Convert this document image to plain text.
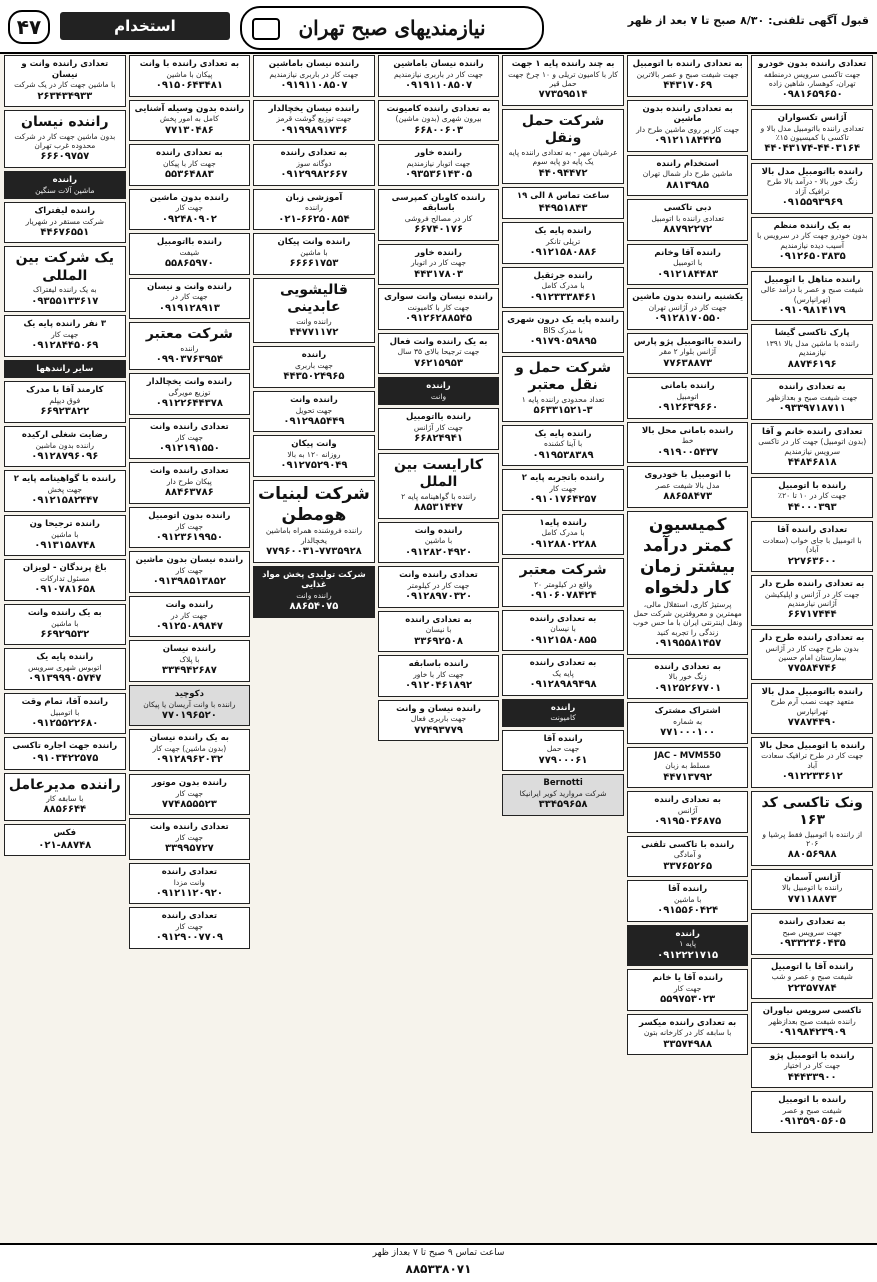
۴۷	استخدام	نیازمندیهای صبح تهران	قبول آگهی تلفنی: ۸/۳۰ صبح تا ۷ بعد از ظهر
تعدادی راننده بدون خودرو
جهت تاکسی سرویس درمنطقه تهران، کوهسار، شاهین زاده
۰۹۸۱۶۵۹۶۵۰
آژانس تکسواران
تعدادی راننده بااتومبیل مدل بالا و تاکسی با کمیسیون ۱۵٪
۴۴۰۴۳۱۷۴-۴۴۰۳۱۶۴
راننده بااتومبیل مدل بالا
زنگ خور بالا - درآمد بالا طرح ترافیک آزاد
۰۹۱۵۵۹۳۹۶۹
به یک راننده منظم
بدون خودرو جهت کار در سرویس با آسیب دیده نیازمندیم
۰۹۱۲۶۵۰۳۸۳۵
راننده متاهل با اتومبیل
شیفت صبح و عصر با درآمد عالی (تهرانپارس)
۰۹۱۰۹۸۱۴۱۷۹
پارک تاکسی گیشا
راننده با ماشین مدل بالا ۱۳۹۱ نیازمندیم
۸۸۷۴۶۱۹۶
به تعدادی راننده
جهت شیفت صبح و بعدازظهر
۰۹۳۳۹۷۱۸۷۱۱
تعدادی راننده خانم و آقا
(بدون اتومبیل) جهت کار در تاکسی سرویس نیازمندیم
۴۴۸۴۶۸۱۸
راننده با اتومبیل
جهت کار در ۱۰ تا ۲۰٪
۴۴۰۰۰۳۹۳
تعدادی راننده آقا
با اتومبیل با جای خواب (سعادت آباد)
۲۲۷۶۳۶۰۰
به تعدادی راننده طرح دار
جهت کار در آژانس و اپلیکیشن آژانس نیازمندیم
۶۶۷۱۷۴۴۴
به تعدادی راننده طرح دار
بدون طرح جهت کار در آژانس بیمارستان امام حسین
۷۷۵۸۴۷۴۶
راننده بااتومبیل مدل بالا
متعهد جهت نصب آرم طرح تهرانپارس
۷۷۸۷۴۴۹۰
راننده با اتومبیل محل بالا
جهت کار در طرح ترافیک سعادت آباد
۰۹۱۲۲۳۳۶۱۲
ونک تاکسی کد ۱۶۳
از راننده با اتومبیل فقط پرشیا و ۲۰۶
۸۸۰۵۶۹۸۸
آژانس آسمان
راننده با اتومبیل بالا
۷۷۱۱۸۸۷۳
به تعدادی راننده
جهت سرویس صبح
۰۹۳۳۲۳۶۰۴۳۵
راننده آقا با اتومبیل
شیفت صبح و عصر و شب
۲۲۳۵۷۷۸۴
تاکسی سرویس نیاوران
راننده شیفت صبح بعدازظهر
۰۹۱۹۸۴۲۳۹۰۹
راننده با اتومبیل پژو
جهت کار در اختیار
۴۴۴۳۳۹۰۰
راننده با اتومبیل
شیفت صبح و عصر
۰۹۱۳۵۹۰۵۶۰۵
به تعدادی راننده با اتومبیل
جهت شیفت صبح و عصر بالاترین
۴۴۳۱۷۰۶۹
به تعدادی راننده بدون ماشین
جهت کار بر روی ماشین طرح دار
۰۹۱۲۱۱۸۴۴۲۵
استخدام راننده
ماشین طرح دار شمال تهران
۸۸۱۳۹۸۵
دبی تاکسی
تعدادی راننده با اتومبیل
۸۸۷۹۲۲۷۲
راننده آقا وخانم
با اتومبیل
۰۹۱۲۱۸۴۴۸۳
یکشنبه راننده بدون ماشین
جهت کار در آژانس تهران
۰۹۱۲۸۱۷۰۵۵۰
راننده بااتومبیل پژو پارس
آژانس بلوار ۲ مقر
۷۷۶۳۸۸۷۳
راننده بامانی
اتومبیل
۰۹۱۲۶۳۹۶۶۰
راننده بامانی محل بالا
خط
۰۹۱۹۰۰۵۴۳۷
با اتومبیل با خودروی
مدل بالا شیفت عصر
۸۸۶۵۸۴۷۳
کمیسیون کمتر درآمد بیشتر زمان کار دلخواه
پرستیژ کاری، استقلال مالی، مهمترین و معروفترین شرکت حمل ونقل اینترنتی ایران با ما حس خوب زندگی را تجربه کنید
۰۹۱۹۵۵۸۱۴۵۷
به تعدادی راننده
زنگ خور بالا
۰۹۱۲۵۲۶۷۷۰۱
اشتراک مشترک
به شماره
۷۷۱۰۰۰۱۰۰
JAC - MVM550
مسلط به زبان
۴۴۷۱۳۷۹۲
به تعدادی راننده
آژانس
۰۹۱۹۵۰۳۶۸۷۵
راننده با تاکسی تلفنی
و آمادگی
۳۳۷۶۵۲۶۵
راننده آقا
با ماشین
۰۹۱۵۵۶۰۴۲۴
راننده
پایه ۱
۰۹۱۲۲۲۱۷۱۵
راننده آقا یا خانم
جهت کار
۵۵۹۷۵۳۰۲۳
به تعدادی راننده میکسر
با سابقه کار در کارخانه بتون
۳۳۵۷۴۹۸۸
به چند راننده پایه ۱ جهت
کار با کامیون تریلی و ۱۰ چرخ جهت حمل قیر
۷۷۳۵۹۵۱۴
شرکت حمل ونقل
عرشیان مهر - به تعدادی راننده پایه یک پایه دو پایه سوم
۴۴۰۹۴۴۷۲
ساعت تماس ۸ الی ۱۹
۴۴۹۵۱۸۴۳
راننده پایه یک
تریلی تانکر
۰۹۱۲۱۵۸۰۸۸۶
راننده جرثقیل
با مدرک کامل
۰۹۱۲۳۳۳۸۴۶۱
راننده پایه یک درون شهری
با مدرک BIS
۰۹۱۷۹۰۵۹۸۹۵
شرکت حمل و نقل معتبر
تعداد محدودی راننده پایه ۱
۵۶۳۳۱۵۲۱-۳
راننده پایه یک
با آینا کشنده
۰۹۱۹۵۳۸۳۸۹
راننده باتجربه پایه ۲
جهت کار
۰۹۱۰۱۷۶۴۲۵۷
راننده پایه۱
با مدرک کامل
۰۹۱۲۸۸۰۲۲۸۸
شرکت معتبر
واقع در کیلومتر ۲۰
۰۹۱۰۶۰۷۸۴۲۴
به تعدادی راننده
با نیسان
۰۹۱۲۱۵۸۰۸۵۵
به تعدادی راننده
پایه یک
۰۹۱۲۸۹۸۹۴۹۸
راننده
کامیونت
راننده آقا
جهت حمل
۷۷۹۰۰۰۶۱
Bernotti
شرکت مروارید کویر ایرانیکا
۳۳۴۵۹۶۵۸
راننده نیسان باماشین
جهت کار در باربری نیازمندیم
۰۹۱۹۱۱۰۸۵۰۷
به تعدادی راننده کامیونت
بیرون شهری (بدون ماشین)
۶۶۸۰۰۶۰۳
راننده خاور
جهت اتوبار نیازمندیم
۰۹۳۵۳۶۱۴۳۰۵
راننده کاوبان کمپرسی باسابقه
کار در مصالح فروشی
۶۶۷۴۰۱۷۶
راننده خاور
جهت کار در اتوبار
۴۴۳۱۷۸۰۳
راننده نیسان وانت سواری
جهت کار با کامیونت
۰۹۱۲۶۲۸۸۵۴۵
به یک راننده وانت فعال
جهت ترجیحا بالای ۳۵ سال
۷۶۲۱۵۹۵۳
راننده
وانت
راننده بااتومبیل
جهت کار آژانس
۶۶۸۲۴۹۴۱
کارایست بین الملل
راننده با گواهینامه پایه ۲
۸۸۵۳۱۴۴۷
راننده وانت
با ماشین
۰۹۱۲۸۲۰۴۹۲۰
تعدادی راننده وانت
جهت کار در کیلومتر
۰۹۱۲۸۹۷۰۳۲۰
به تعدادی راننده
با نیسان
۳۳۶۹۲۵۰۸
راننده باسابقه
جهت کار با خاور
۰۹۱۲۰۴۶۱۸۹۲
راننده نیسان و وانت
جهت باربری فعال
۷۷۴۹۳۷۷۹
راننده نیسان باماشین
جهت کار در باربری نیازمندیم
۰۹۱۹۱۱۰۸۵۰۷
راننده نیسان یخچالدار
جهت توزیع گوشت قرمز
۰۹۱۹۹۸۹۱۷۳۶
به تعدادی راننده
دوگانه سوز
۰۹۱۲۹۹۸۲۶۶۷
آموزشی زبان
راننده
۰۲۱-۶۶۲۵۰۸۵۴
راننده وانت پیکان
با ماشین
۶۶۶۶۱۷۵۳
قالیشویی عابدینی
راننده وانت
۴۴۷۷۱۱۷۲
راننده
جهت باربری
۴۴۳۵۰۲۴۹۶۵
راننده وانت
جهت تحویل
۰۹۱۲۹۸۵۴۴۹
وانت پیکان
روزانه ۱۲۰ به بالا
۰۹۱۲۷۵۲۹۰۴۹
شرکت لبنیات هومطن
راننده فروشنده همراه باماشین یخچالدار
۷۷۹۶۰۰۳۱-۷۷۳۵۹۲۸
شرکت تولیدی پخش مواد غذایی
راننده وانت
۸۸۶۵۴۰۷۵
به تعدادی راننده با وانت
پیکان با ماشین
۰۹۱۵۰۶۴۳۴۸۱
راننده بدون وسیله آشنایی
کامل به امور پخش
۷۷۱۳۰۴۸۶
به تعدادی راننده
جهت کار با پیکان
۵۵۳۶۴۸۸۳
راننده بدون ماشین
جهت کار
۰۹۲۴۸۰۹۰۲
راننده بااتومبیل
شیفت
۵۵۸۶۵۹۷۰
راننده وانت و نیسان
جهت کار در
۰۹۱۹۱۲۸۹۱۳
شرکت معتبر
راننده
۰۹۹۰۳۷۶۳۹۵۴
راننده وانت یخچالدار
توزیع مویرگی
۰۹۱۲۲۶۴۴۳۷۸
تعدادی راننده وانت
جهت کار
۰۹۱۲۱۹۱۵۵۰
تعدادی راننده وانت
پیکان طرح دار
۸۸۴۶۳۷۸۶
راننده بدون اتومبیل
جهت کار
۰۹۱۲۳۶۱۹۹۵۰
راننده نیسان بدون ماشین
جهت کار
۰۹۱۳۹۸۵۱۳۸۵۲
راننده وانت
جهت کار در
۰۹۱۲۵۰۸۹۸۴۷
راننده نیسان
با پلاک
۳۳۴۹۴۲۶۸۷
دکوچید
راننده با وانت آریسان یا پیکان
۷۷۰۱۹۶۵۲۰
به یک راننده نیسان
(بدون ماشین) جهت کار
۰۹۱۲۸۹۶۲۰۳۲
راننده بدون موتور
جهت کار
۷۷۴۸۵۵۵۲۳
تعدادی راننده وانت
جهت کار
۳۳۹۹۵۷۲۷
تعدادی راننده
وانت مزدا
۰۹۱۲۱۱۲۰۹۲۰
تعدادی راننده
جهت کار
۰۹۱۲۹۰۰۷۷۰۹
تعدادی راننده وانت و نیسان
با ماشین جهت کار در یک شرکت
۲۶۳۴۳۴۹۳۳
راننده نیسان
بدون ماشین جهت کار در شرکت محدوده غرب تهران
۶۶۶۰۹۷۵۷
راننده
ماشین آلات سنگین
راننده لیفتراک
شرکت مستقر در شهریار
۴۴۶۷۶۵۵۱
یک شرکت بین المللی
به یک راننده لیفتراک
۰۹۳۵۵۱۳۳۶۱۷
۳ نفر راننده پایه یک
جهت کار
۰۹۱۲۸۴۴۵۰۶۹
سایر رانندهها
کارمند آقا با مدرک
فوق دیپلم
۶۶۹۲۳۸۲۲
رضایت شغلی ارکیده
راننده بدون ماشین
۰۹۱۲۸۷۹۶۰۹۶
راننده با گواهینامه پایه ۲
جهت پخش
۰۹۱۲۱۵۸۲۴۴۷
راننده ترجیحا ون
با ماشین
۰۹۱۳۱۵۸۷۴۸
باغ پرندگان - لویزان
مسئول تدارکات
۰۹۱۰۷۸۱۶۵۸
به یک راننده وانت
با ماشین
۶۶۹۲۹۵۳۲
راننده پایه یک
اتوبوس شهری سرویس
۰۹۱۳۹۹۹۰۵۷۴۷
راننده آقا، تمام وقت
با اتومبیل
۰۹۱۲۵۵۲۲۶۸۰
راننده جهت اجاره تاکسی
۰۹۱۰۳۴۲۲۵۷۵
راننده مدیرعامل
با سابقه کار
۸۸۵۶۶۴۴
فکس
۰۲۱-۸۸۷۴۸
ساعت تماس ۹ صبح تا ۷ بعداز ظهر
۸۸۵۳۳۸۰۷۱
